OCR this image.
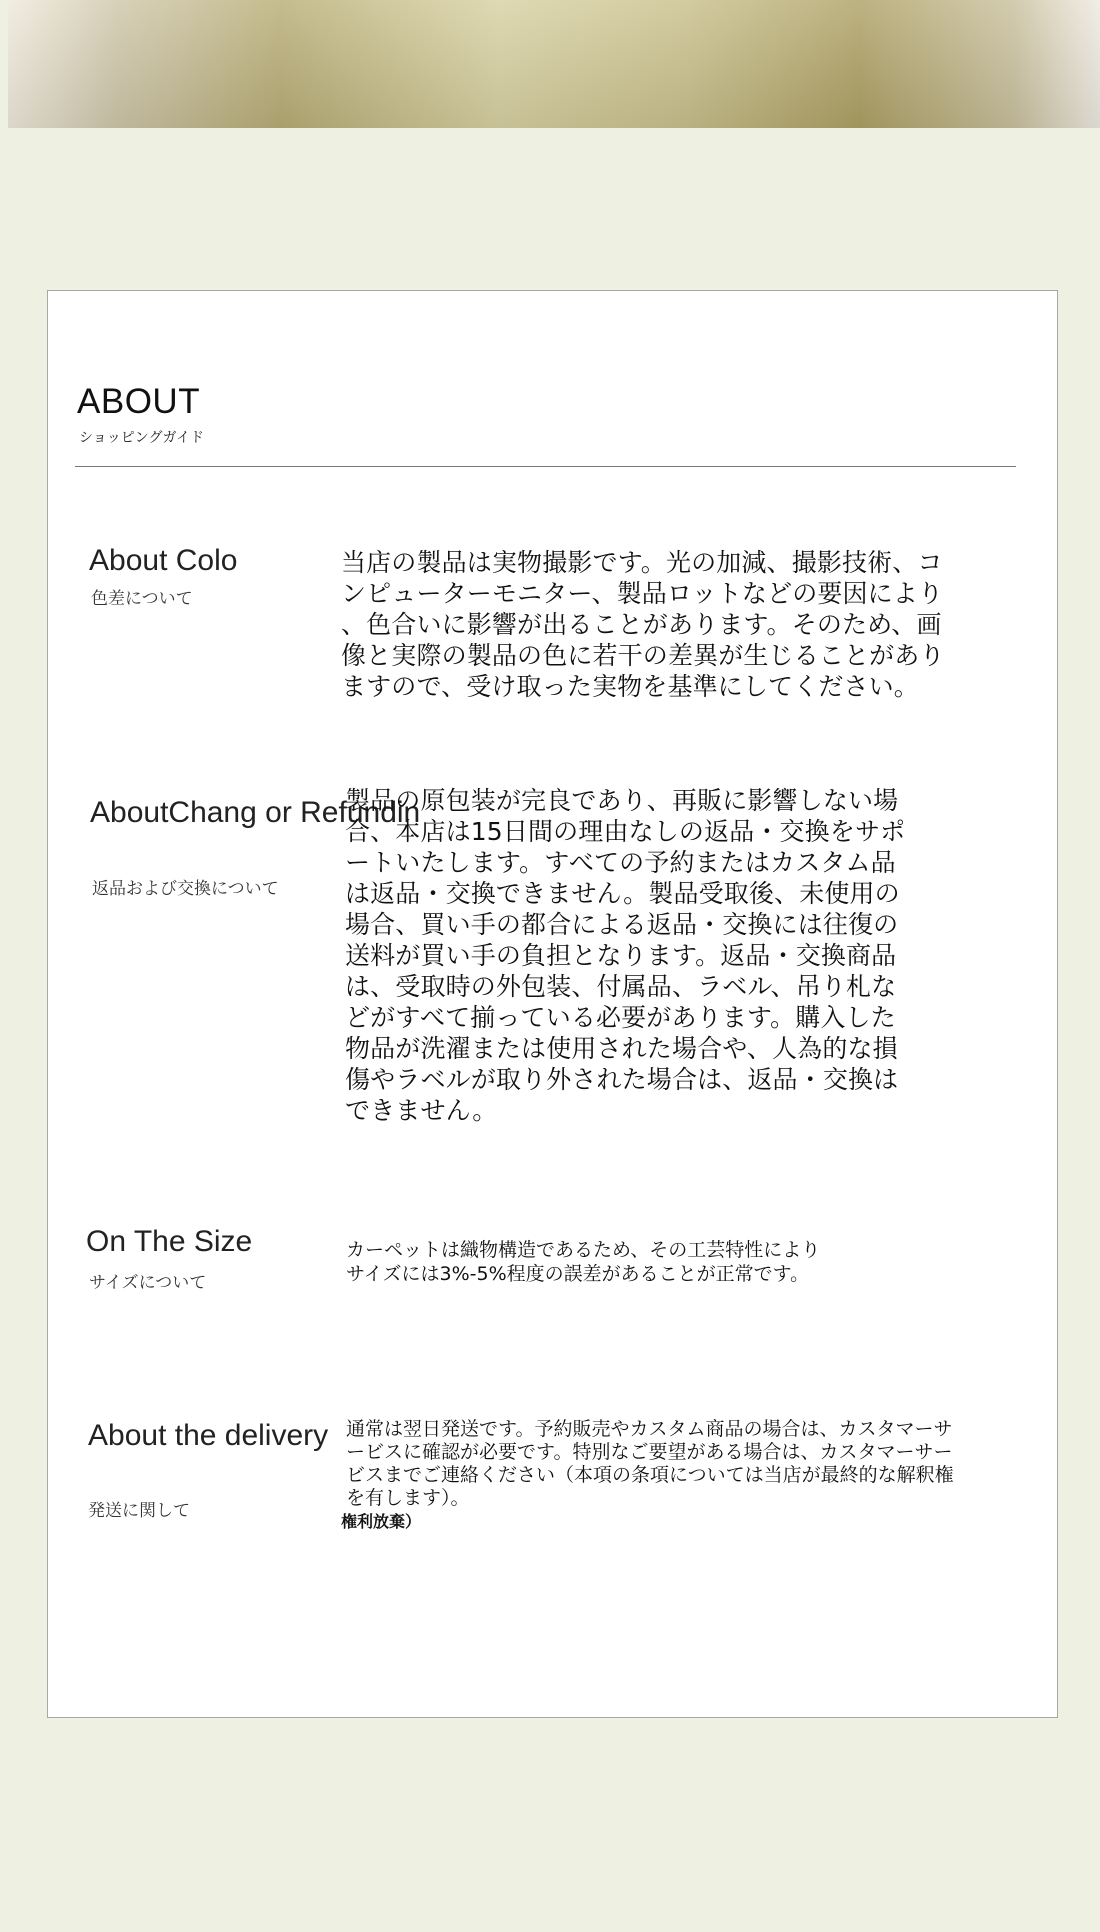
ABOUT
ショッピングガイド
About Colo
色差について
当店の製品は実物撮影です。光の加減、撮影技術、コ
ンピューターモニター、製品ロットなどの要因により
、色合いに影響が出ることがあります。そのため、画
像と実際の製品の色に若干の差異が生じることがあり
ますので、受け取った実物を基準にしてください。
AboutChang or Refundin
返品および交換について
製品の原包装が完良であり、再販に影響しない場
合、本店は15日間の理由なしの返品・交換をサポ
ートいたします。すべての予約またはカスタム品
は返品・交換できません。製品受取後、未使用の
場合、買い手の都合による返品・交換には往復の
送料が買い手の負担となります。返品・交換商品
は、受取時の外包装、付属品、ラベル、吊り札な
どがすべて揃っている必要があります。購入した
物品が洗濯または使用された場合や、人為的な損
傷やラベルが取り外された場合は、返品・交換は
できません。
On The Size
サイズについて
カーペットは織物構造であるため、その工芸特性により
サイズには3%-5%程度の誤差があることが正常です。
About the delivery
発送に関して
通常は翌日発送です。予約販売やカスタム商品の場合は、カスタマーサ
ービスに確認が必要です。特別なご要望がある場合は、カスタマーサー
ビスまでご連絡ください（本項の条項については当店が最終的な解釈権
を有します）。
権利放棄）
